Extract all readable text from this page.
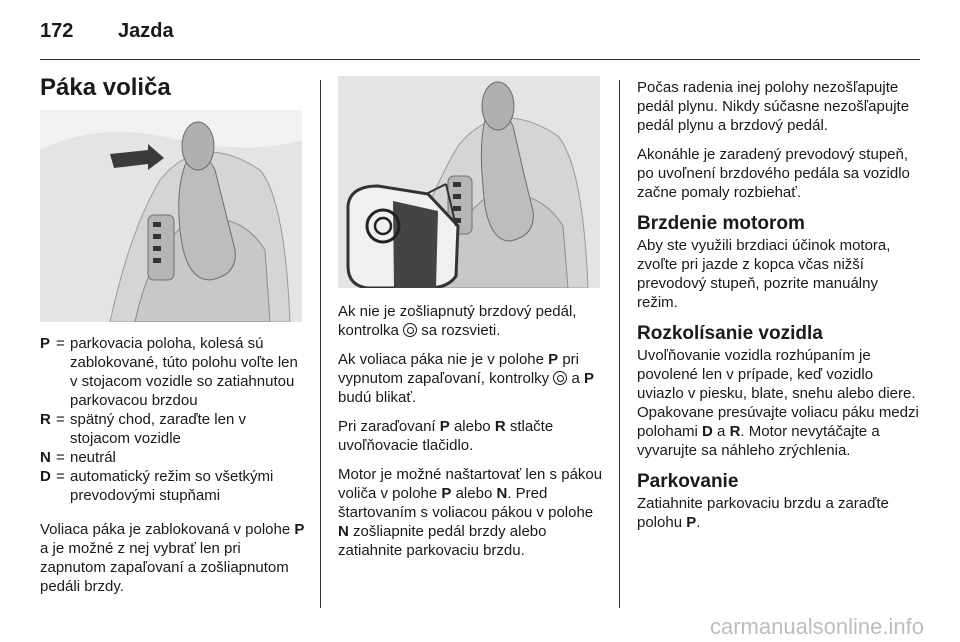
172 Jazda
Páka voliča
P = parkovacia poloha, kolesá sú zablokované, túto polohu voľte len v stojacom vozidle so zatiahnutou parkovacou brzdou
R = spätný chod, zaraďte len v stojacom vozidle
N = neutrál
D = automatický režim so všetkými prevodovými stupňami

Voliaca páka je zablokovaná v polohe P a je možné z nej vybrať len pri zapnutom zapaľovaní a zošliapnutom pedáli brzdy.

Ak nie je zošliapnutý brzdový pedál, kontrolka  sa rozsvieti.

Ak voliaca páka nie je v polohe P pri vypnutom zapaľovaní, kontrolky  a P budú blikať.

Pri zaraďovaní P alebo R stlačte uvoľňovacie tlačidlo.

Motor je možné naštartovať len s pákou voliča v polohe P alebo N. Pred štartovaním s voliacou pákou v polohe N zošliapnite pedál brzdy alebo zatiahnite parkovaciu brzdu.

Počas radenia inej polohy nezošľapujte pedál plynu. Nikdy súčasne nezošľapujte pedál plynu a brzdový pedál.

Akonáhle je zaradený prevodový stupeň, po uvoľnení brzdového pedála sa vozidlo začne pomaly rozbiehať.

Brzdenie motorom

Aby ste využili brzdiaci účinok motora, zvoľte pri jazde z kopca včas nižší prevodový stupeň, pozrite manuálny režim.

Rozkolísanie vozidla

Uvoľňovanie vozidla rozhúpaním je povolené len v prípade, keď vozidlo uviazlo v piesku, blate, snehu alebo diere. Opakovane presúvajte voliacu páku medzi polohami D a R. Motor nevytáčajte a vyvarujte sa náhleho zrýchlenia.

Parkovanie

Zatiahnite parkovaciu brzdu a zaraďte polohu P.

carmanualsonline.info
